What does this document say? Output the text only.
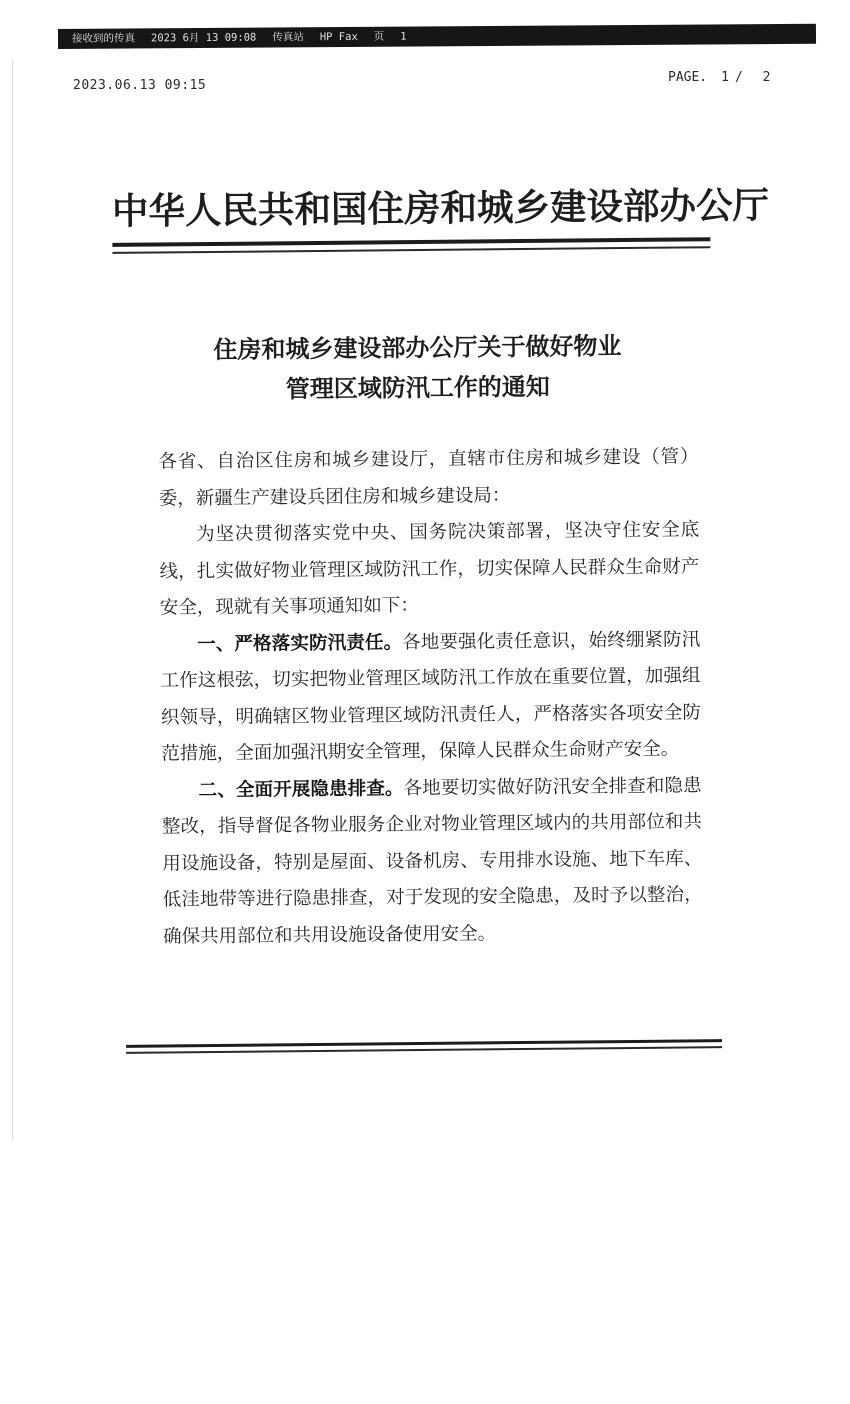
接收到的传真 2023 6月 13 09:08 传真站 HP Fax 页 1
2023.06.13 09:15
PAGE. 1/ 2
中华人民共和国住房和城乡建设部办公厅
住房和城乡建设部办公厅关于做好物业
管理区域防汛工作的通知

各省、自治区住房和城乡建设厅，直辖市住房和城乡建设（管）委，新疆生产建设兵团住房和城乡建设局：

为坚决贯彻落实党中央、国务院决策部署，坚决守住安全底线，扎实做好物业管理区域防汛工作，切实保障人民群众生命财产安全，现就有关事项通知如下：

一、严格落实防汛责任。各地要强化责任意识，始终绷紧防汛工作这根弦，切实把物业管理区域防汛工作放在重要位置，加强组织领导，明确辖区物业管理区域防汛责任人，严格落实各项安全防范措施，全面加强汛期安全管理，保障人民群众生命财产安全。

二、全面开展隐患排查。各地要切实做好防汛安全排查和隐患整改，指导督促各物业服务企业对物业管理区域内的共用部位和共用设施设备，特别是屋面、设备机房、专用排水设施、地下车库、低洼地带等进行隐患排查，对于发现的安全隐患，及时予以整治，确保共用部位和共用设施设备使用安全。
